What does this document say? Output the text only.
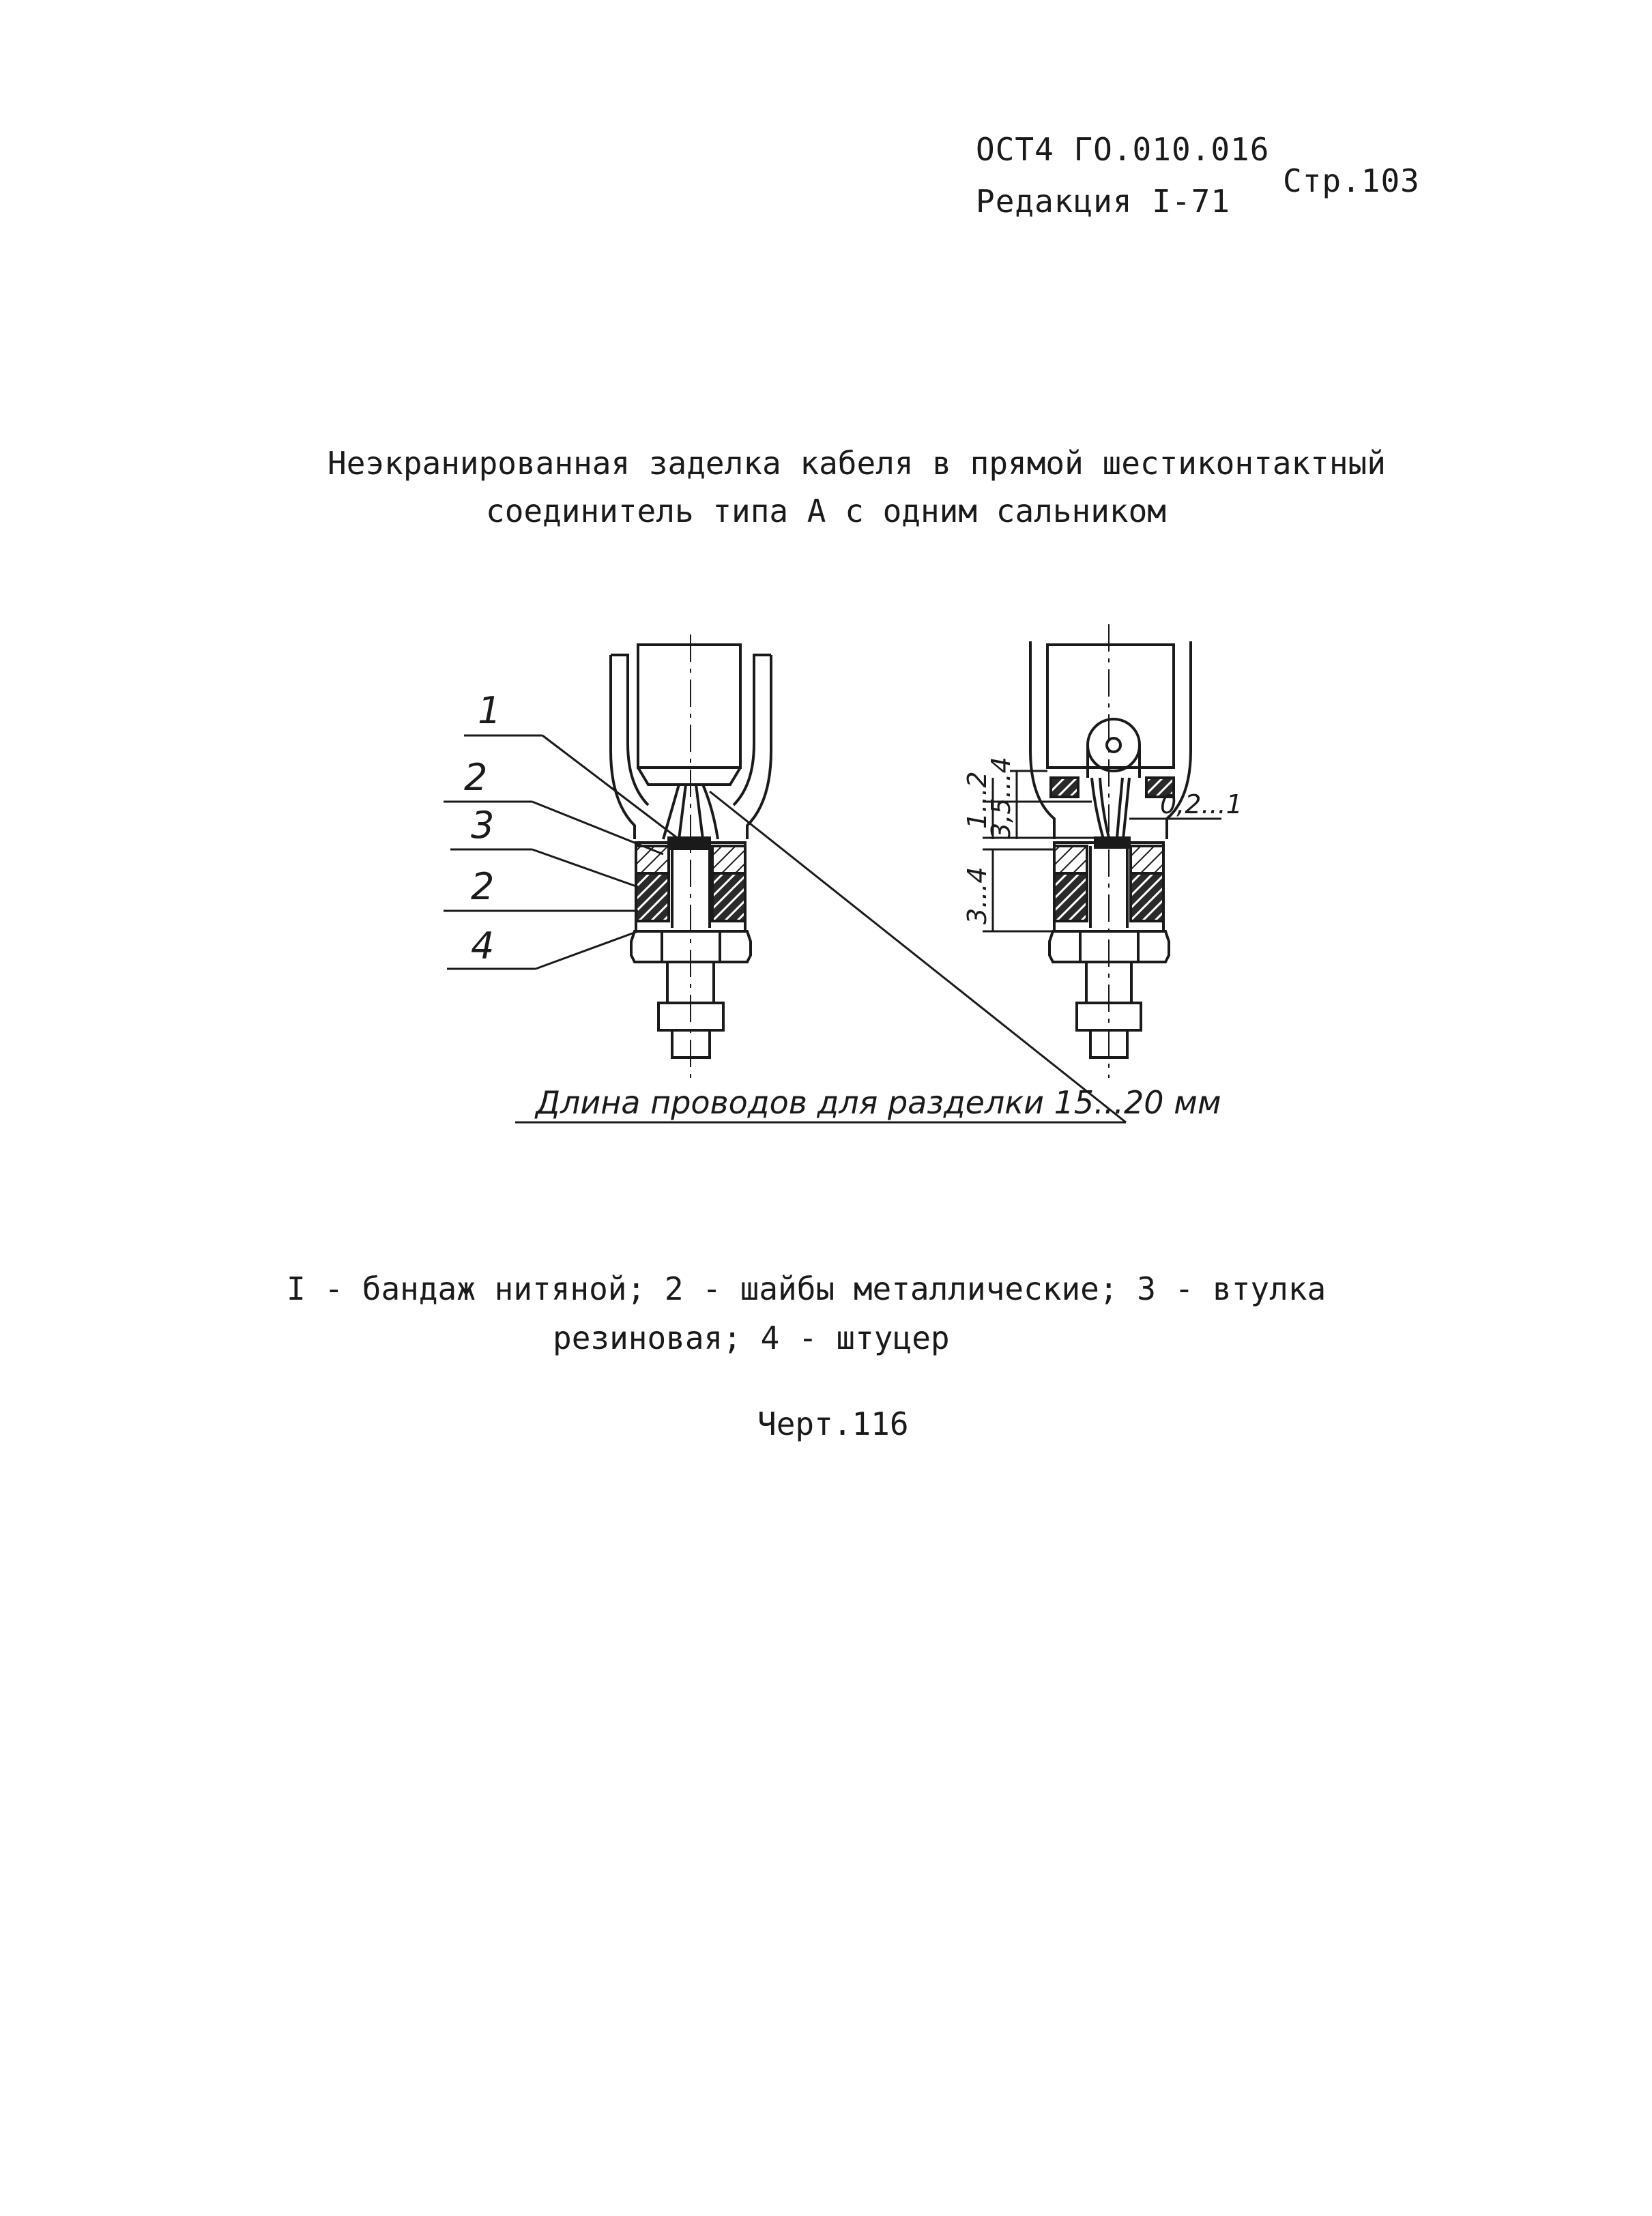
ОСТ4 ГО.010.016
Редакция I-71
Стр.103
Неэкранированная заделка кабеля в прямой шестиконтактный
соединитель типа А с одним сальником
1
2
3
2
4
Длина проводов для разделки 15...20 мм
1...2
3,5...4
3...4
0,2...1
I - бандаж нитяной; 2 - шайбы металлические; 3 - втулка
резиновая; 4 - штуцер
Черт.116
